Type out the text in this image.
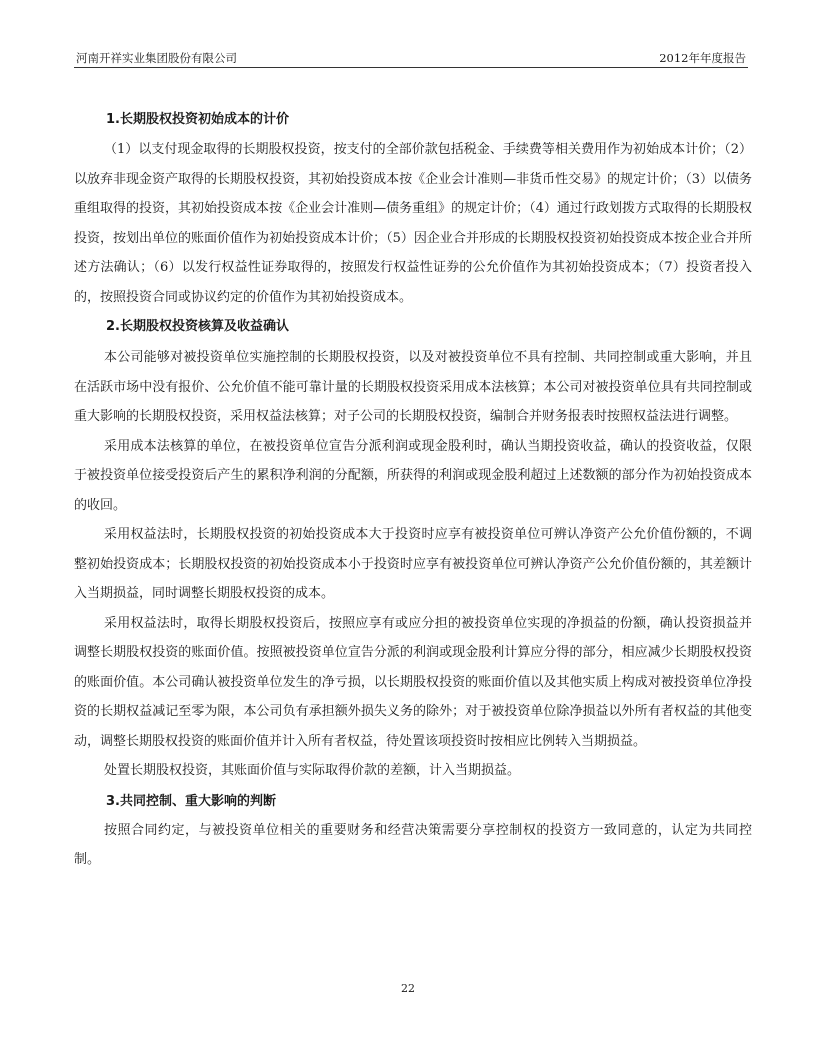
河南开祥实业集团股份有限公司	2012年年度报告
1.长期股权投资初始成本的计价

（1）以支付现金取得的长期股权投资，按支付的全部价款包括税金、手续费等相关费用作为初始成本计价；（2）以放弃非现金资产取得的长期股权投资，其初始投资成本按《企业会计准则—非货币性交易》的规定计价；（3）以债务重组取得的投资，其初始投资成本按《企业会计准则—债务重组》的规定计价；（4）通过行政划拨方式取得的长期股权投资，按划出单位的账面价值作为初始投资成本计价；（5）因企业合并形成的长期股权投资初始投资成本按企业合并所述方法确认；（6）以发行权益性证券取得的，按照发行权益性证券的公允价值作为其初始投资成本；（7）投资者投入的，按照投资合同或协议约定的价值作为其初始投资成本。

2.长期股权投资核算及收益确认

本公司能够对被投资单位实施控制的长期股权投资，以及对被投资单位不具有控制、共同控制或重大影响，并且在活跃市场中没有报价、公允价值不能可靠计量的长期股权投资采用成本法核算；本公司对被投资单位具有共同控制或重大影响的长期股权投资，采用权益法核算；对子公司的长期股权投资，编制合并财务报表时按照权益法进行调整。

采用成本法核算的单位，在被投资单位宣告分派利润或现金股利时，确认当期投资收益，确认的投资收益，仅限于被投资单位接受投资后产生的累积净利润的分配额，所获得的利润或现金股利超过上述数额的部分作为初始投资成本的收回。

采用权益法时，长期股权投资的初始投资成本大于投资时应享有被投资单位可辨认净资产公允价值份额的，不调整初始投资成本；长期股权投资的初始投资成本小于投资时应享有被投资单位可辨认净资产公允价值份额的，其差额计入当期损益，同时调整长期股权投资的成本。

采用权益法时，取得长期股权投资后，按照应享有或应分担的被投资单位实现的净损益的份额，确认投资损益并调整长期股权投资的账面价值。按照被投资单位宣告分派的利润或现金股利计算应分得的部分，相应减少长期股权投资的账面价值。本公司确认被投资单位发生的净亏损，以长期股权投资的账面价值以及其他实质上构成对被投资单位净投资的长期权益减记至零为限，本公司负有承担额外损失义务的除外；对于被投资单位除净损益以外所有者权益的其他变动，调整长期股权投资的账面价值并计入所有者权益，待处置该项投资时按相应比例转入当期损益。

处置长期股权投资，其账面价值与实际取得价款的差额，计入当期损益。

3.共同控制、重大影响的判断

按照合同约定，与被投资单位相关的重要财务和经营决策需要分享控制权的投资方一致同意的，认定为共同控制。

22
